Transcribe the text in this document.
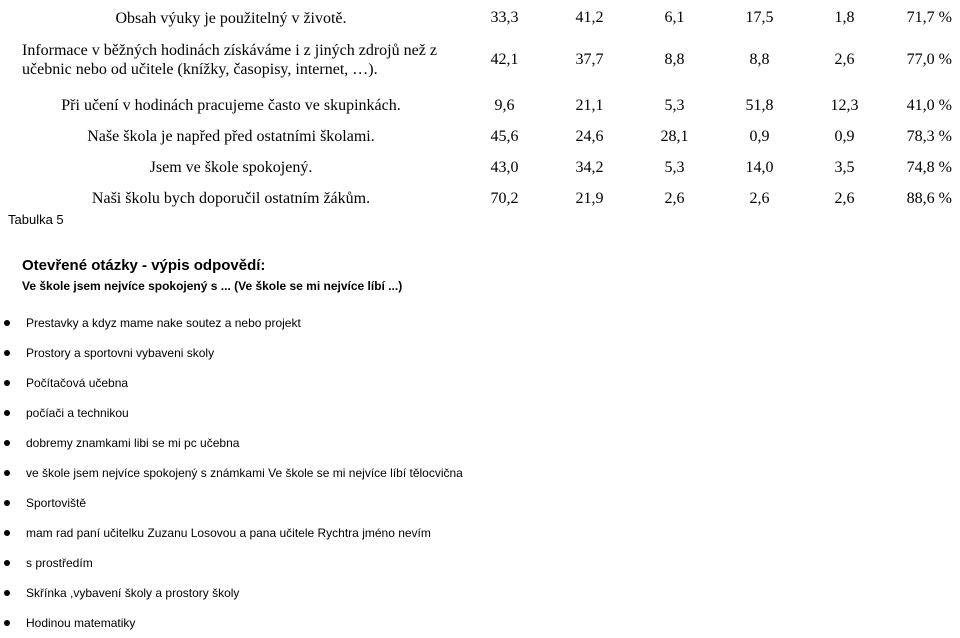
Obsah výuky je použitelný v životě.	33,3	41,2	6,1	17,5	1,8	71,7 %
Informace v běžných hodinách získáváme i z jiných zdrojů než z učebnic nebo od učitele (knížky, časopisy, internet, …).	42,1	37,7	8,8	8,8	2,6	77,0 %
Při učení v hodinách pracujeme často ve skupinkách.	9,6	21,1	5,3	51,8	12,3	41,0 %
Naše škola je napřed před ostatními školami.	45,6	24,6	28,1	0,9	0,9	78,3 %
Jsem ve škole spokojený.	43,0	34,2	5,3	14,0	3,5	74,8 %
Naši školu bych doporučil ostatním žákům.	70,2	21,9	2,6	2,6	2,6	88,6 %
Tabulka 5
Otevřené otázky - výpis odpovědí:
Ve škole jsem nejvíce spokojený s ... (Ve škole se mi nejvíce líbí ...)
Prestavky a kdyz mame nake soutez a nebo projekt
Prostory a sportovni vybaveni skoly
Počítačová učebna
počíači a technikou
dobremy znamkami libi se mi pc učebna
ve škole jsem nejvíce spokojený s známkami Ve škole se mi nejvíce líbí tělocvična
Sportoviště
mam rad paní učitelku Zuzanu Losovou a pana učitele Rychtra jméno nevím
s prostředím
Skřínka ,vybavení školy a prostory školy
Hodinou matematiky
